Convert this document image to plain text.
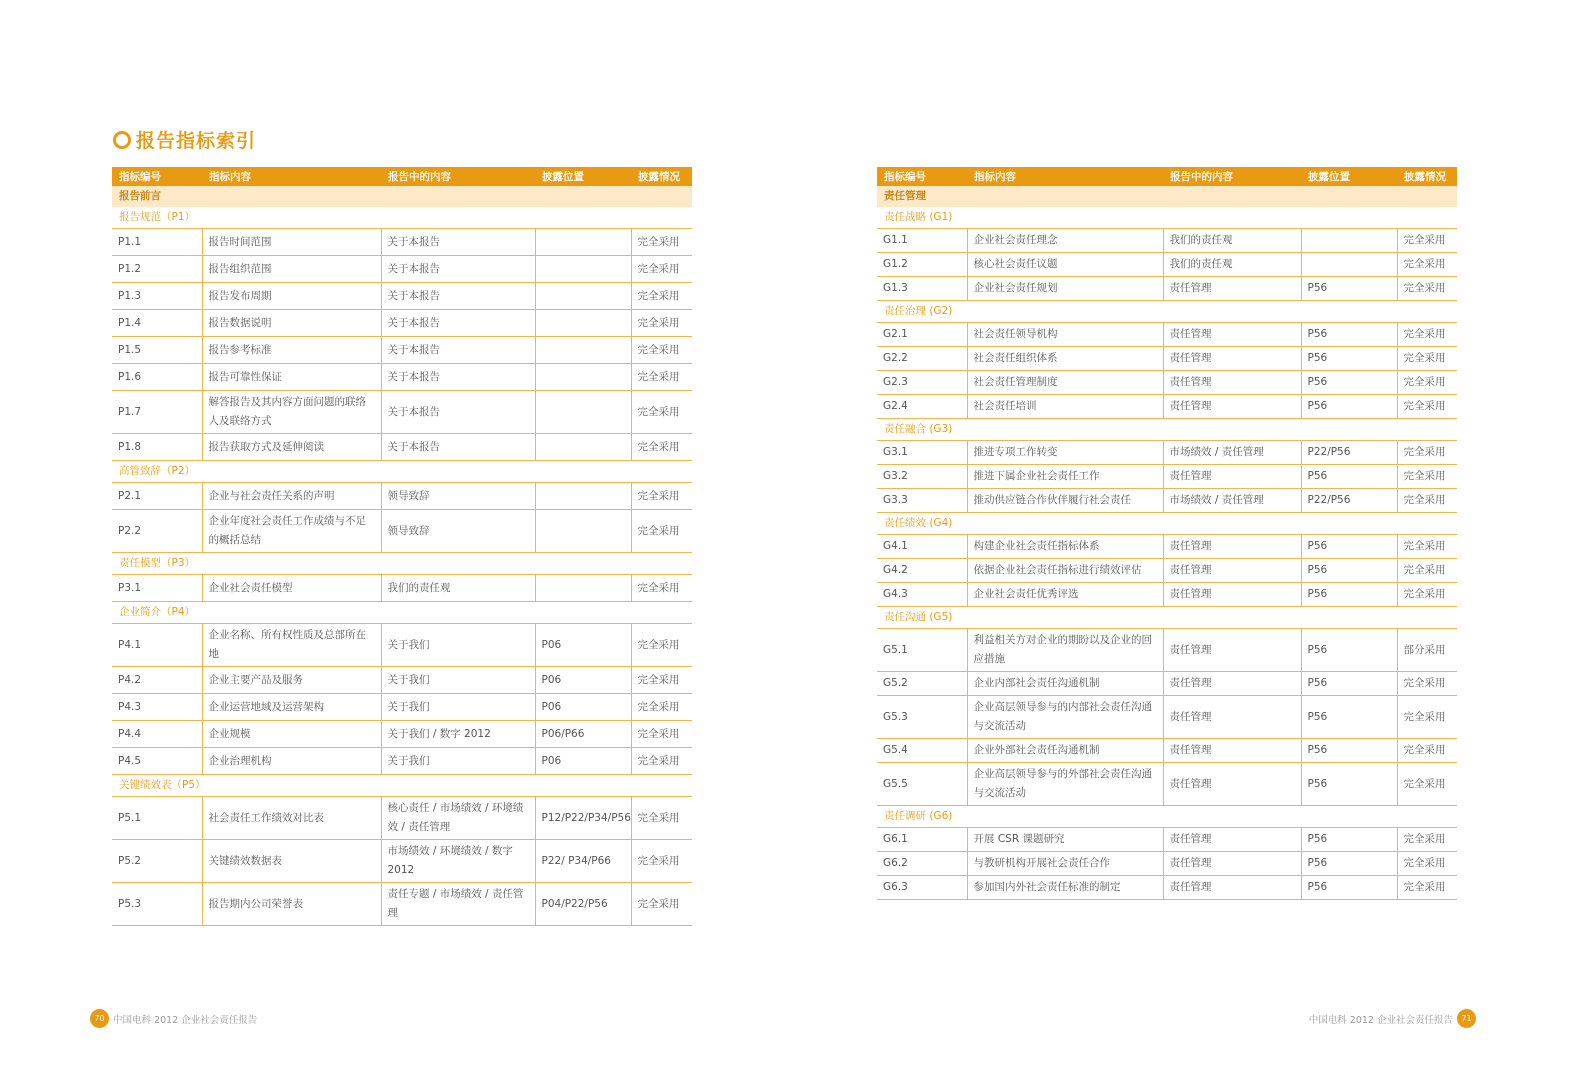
报告指标索引
指标编号	指标内容	报告中的内容	披露位置	披露情况
报告前言				
报告规范（P1）				
P1.1	报告时间范围	关于本报告		完全采用
P1.2	报告组织范围	关于本报告		完全采用
P1.3	报告发布周期	关于本报告		完全采用
P1.4	报告数据说明	关于本报告		完全采用
P1.5	报告参考标准	关于本报告		完全采用
P1.6	报告可靠性保证	关于本报告		完全采用
P1.7	解答报告及其内容方面问题的联络人及联络方式	关于本报告		完全采用
P1.8	报告获取方式及延伸阅读	关于本报告		完全采用
高管致辞（P2）				
P2.1	企业与社会责任关系的声明	领导致辞		完全采用
P2.2	企业年度社会责任工作成绩与不足的概括总结	领导致辞		完全采用
责任模型（P3）				
P3.1	企业社会责任模型	我们的责任观		完全采用
企业简介（P4）				
P4.1	企业名称、所有权性质及总部所在地	关于我们	P06	完全采用
P4.2	企业主要产品及服务	关于我们	P06	完全采用
P4.3	企业运营地域及运营架构	关于我们	P06	完全采用
P4.4	企业规模	关于我们 / 数字 2012	P06/P66	完全采用
P4.5	企业治理机构	关于我们	P06	完全采用
关键绩效表（P5）				
P5.1	社会责任工作绩效对比表	核心责任 / 市场绩效 / 环境绩效 / 责任管理	P12/P22/P34/P56	完全采用
P5.2	关键绩效数据表	市场绩效 / 环境绩效 / 数字 2012	P22/ P34/P66	完全采用
P5.3	报告期内公司荣誉表	责任专题 / 市场绩效 / 责任管理	P04/P22/P56	完全采用
指标编号	指标内容	报告中的内容	披露位置	披露情况
责任管理				
责任战略 (G1)				
G1.1	企业社会责任理念	我们的责任观		完全采用
G1.2	核心社会责任议题	我们的责任观		完全采用
G1.3	企业社会责任规划	责任管理	P56	完全采用
责任治理 (G2)				
G2.1	社会责任领导机构	责任管理	P56	完全采用
G2.2	社会责任组织体系	责任管理	P56	完全采用
G2.3	社会责任管理制度	责任管理	P56	完全采用
G2.4	社会责任培训	责任管理	P56	完全采用
责任融合 (G3)				
G3.1	推进专项工作转变	市场绩效 / 责任管理	P22/P56	完全采用
G3.2	推进下属企业社会责任工作	责任管理	P56	完全采用
G3.3	推动供应链合作伙伴履行社会责任	市场绩效 / 责任管理	P22/P56	完全采用
责任绩效 (G4)				
G4.1	构建企业社会责任指标体系	责任管理	P56	完全采用
G4.2	依据企业社会责任指标进行绩效评估	责任管理	P56	完全采用
G4.3	企业社会责任优秀评选	责任管理	P56	完全采用
责任沟通 (G5)				
G5.1	利益相关方对企业的期盼以及企业的回应措施	责任管理	P56	部分采用
G5.2	企业内部社会责任沟通机制	责任管理	P56	完全采用
G5.3	企业高层领导参与的内部社会责任沟通与交流活动	责任管理	P56	完全采用
G5.4	企业外部社会责任沟通机制	责任管理	P56	完全采用
G5.5	企业高层领导参与的外部社会责任沟通与交流活动	责任管理	P56	完全采用
责任调研 (G6)				
G6.1	开展 CSR 课题研究	责任管理	P56	完全采用
G6.2	与教研机构开展社会责任合作	责任管理	P56	完全采用
G6.3	参加国内外社会责任标准的制定	责任管理	P56	完全采用
70 中国电科 2012 企业社会责任报告	中国电科 2012 企业社会责任报告	71
